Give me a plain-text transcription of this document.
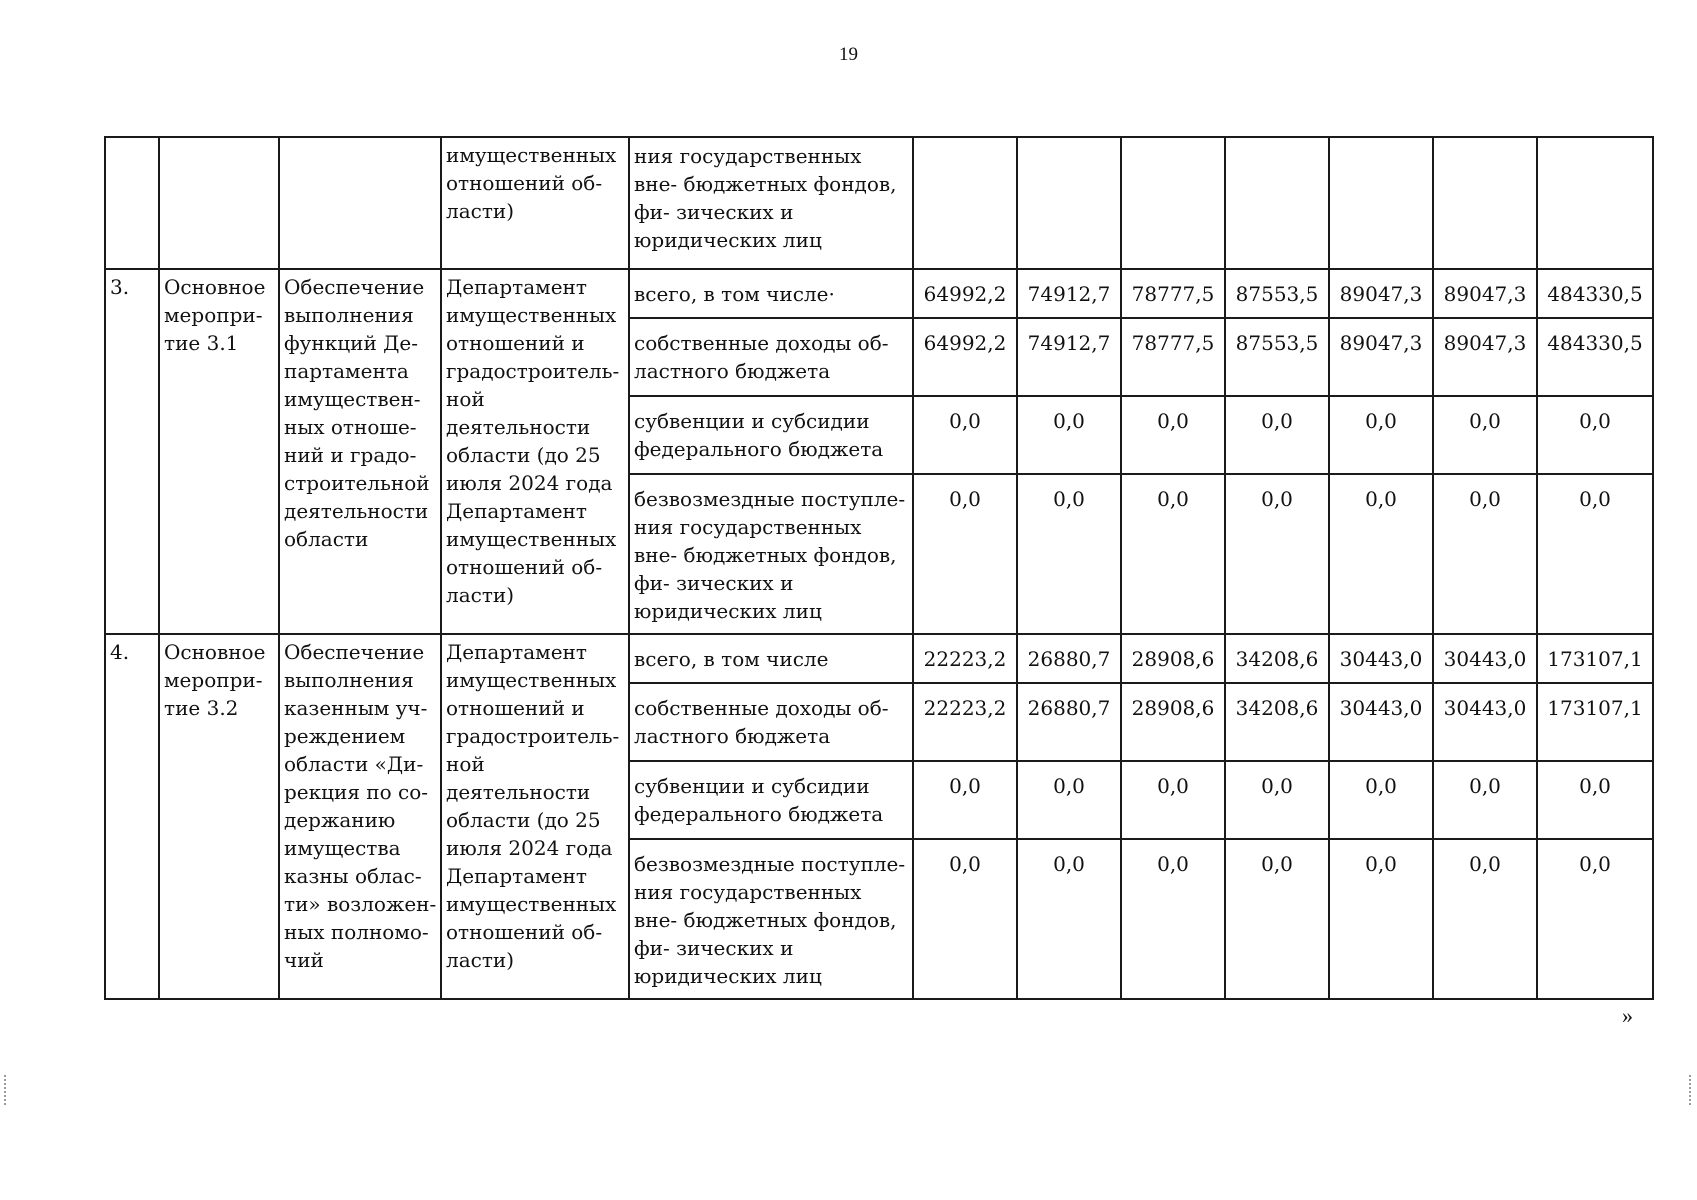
19
			имущественных отношений об- ласти)	ния государственных вне- бюджетных фондов, фи- зических и юридических лиц							
3.	Основное меропри- тие 3.1	Обеспечение выполнения функций Де- партамента имуществен- ных отноше- ний и градо- строительной деятельности области	Департамент имущественных отношений и градостроитель- ной деятельности области (до 25 июля 2024 года Департамент имущественных отношений об- ласти)	всего, в том числе·	64992,2	74912,7	78777,5	87553,5	89047,3	89047,3	484330,5
				собственные доходы об- ластного бюджета	64992,2	74912,7	78777,5	87553,5	89047,3	89047,3	484330,5
				субвенции и субсидии федерального бюджета	0,0	0,0	0,0	0,0	0,0	0,0	0,0
				безвозмездные поступле- ния государственных вне- бюджетных фондов, фи- зических и юридических лиц	0,0	0,0	0,0	0,0	0,0	0,0	0,0
4.	Основное меропри- тие 3.2	Обеспечение выполнения казенным уч- реждением области «Ди- рекция по со- держанию имущества казны облас- ти» возложен- ных полномо- чий	Департамент имущественных отношений и градостроитель- ной деятельности области (до 25 июля 2024 года Департамент имущественных отношений об- ласти)	всего, в том числе	22223,2	26880,7	28908,6	34208,6	30443,0	30443,0	173107,1
				собственные доходы об- ластного бюджета	22223,2	26880,7	28908,6	34208,6	30443,0	30443,0	173107,1
				субвенции и субсидии федерального бюджета	0,0	0,0	0,0	0,0	0,0	0,0	0,0
				безвозмездные поступле- ния государственных вне- бюджетных фондов, фи- зических и юридических лиц	0,0	0,0	0,0	0,0	0,0	0,0	0,0
»
